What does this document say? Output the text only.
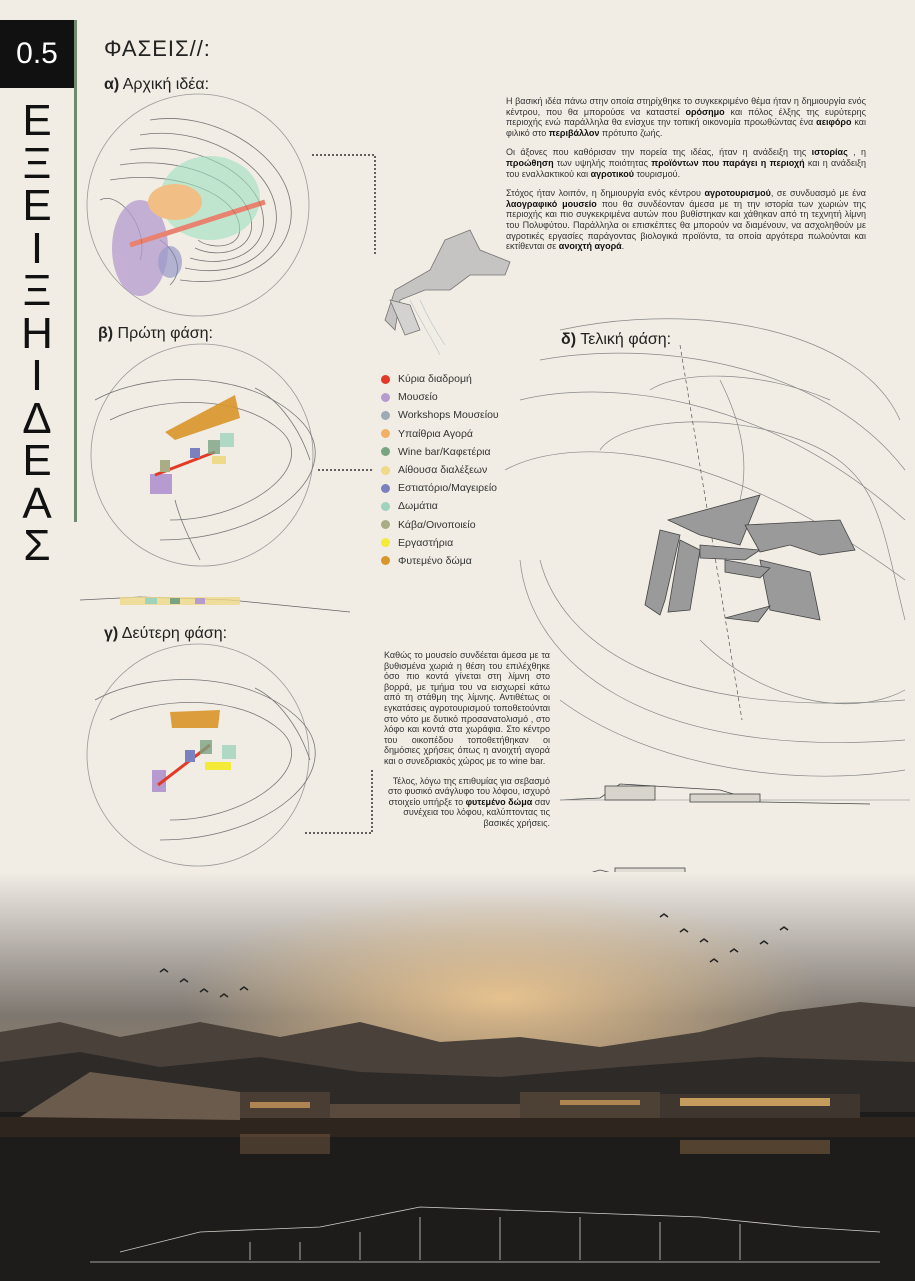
0.5
Ε
Ξ
Ε
Ι
Ξ
Η
Ι
Δ
Ε
Α
Σ
ΦΑΣΕΙΣ//:
α) Αρχική ιδέα:
β) Πρώτη φάση:
γ) Δεύτερη φάση:
δ) Τελική φάση:

Η βασική ιδέα πάνω στην οποία στηρίχθηκε το συγκεκριμένο θέμα ήταν η δημιουργία ενός κέντρου, που θα μπορούσε να καταστεί ορόσημο και πόλος έλξης της ευρύτερης περιοχής ενώ παράλληλα θα ενίσχυε την τοπική οικονομία προωθώντας ένα αειφόρο και φιλικό στο περιβάλλον πρότυπο ζωής.

Οι άξονες που καθόρισαν την πορεία της ιδέας, ήταν η ανάδειξη της ιστορίας , η προώθηση των υψηλής ποιότητας προϊόντων που παράγει η περιοχή και η ανάδειξη του εναλλακτικού και αγροτικού τουρισμού.

Στόχος ήταν λοιπόν, η δημιουργία ενός κέντρου αγροτουρισμού, σε συνδυασμό με ένα λαογραφικό μουσείο που θα συνδέονταν άμεσα με τη την ιστορία των χωριών της περιοχής και πιο συγκεκριμένα αυτών που βυθίστηκαν και χάθηκαν από τη τεχνητή λίμνη του Πολυφύτου. Παράλληλα οι επισκέπτες θα μπορούν να διαμένουν, να ασχοληθούν με αγροτικές εργασίες παράγοντας βιολογικά προϊόντα, τα οποία αργότερα πωλούνται και εκτίθενται σε ανοιχτή αγορά.

Κύρια διαδρομή
Μουσείο
Workshops Μουσείου
Υπαίθρια Αγορά
Wine bar/Καφετέρια
Αίθουσα διαλέξεων
Εστιατόριο/Μαγειρείο
Δωμάτια
Κάβα/Οινοποιείο
Εργαστήρια
Φυτεμένο δώμα

Καθώς το μουσείο συνδέεται άμεσα με τα βυθισμένα χωριά η θέση του επιλέχθηκε όσο πιο κοντά γίνεται στη λίμνη στο βορρά, με τμήμα του να εισχωρεί κάτω από τη στάθμη της λίμνης. Αντιθέτως οι εγκατάσεις αγροτουρισμού τοποθετούνται στο νότο με δυτικό προσανατολισμό , στο λόφο και κοντά στα χωράφια. Στο κέντρο του οικοπέδου τοποθετήθηκαν οι δημόσιες χρήσεις όπως η ανοιχτή αγορά και ο συνεδριακός χώρος με το wine bar.

Τέλος, λόγω της επιθυμίας για σεβασμό στο φυσικό ανάγλυφο του λόφου, ισχυρό στοιχείο υπήρξε το φυτεμένο δώμα σαν συνέχεια του λόφου, καλύπτοντας τις βασικές χρήσεις.
